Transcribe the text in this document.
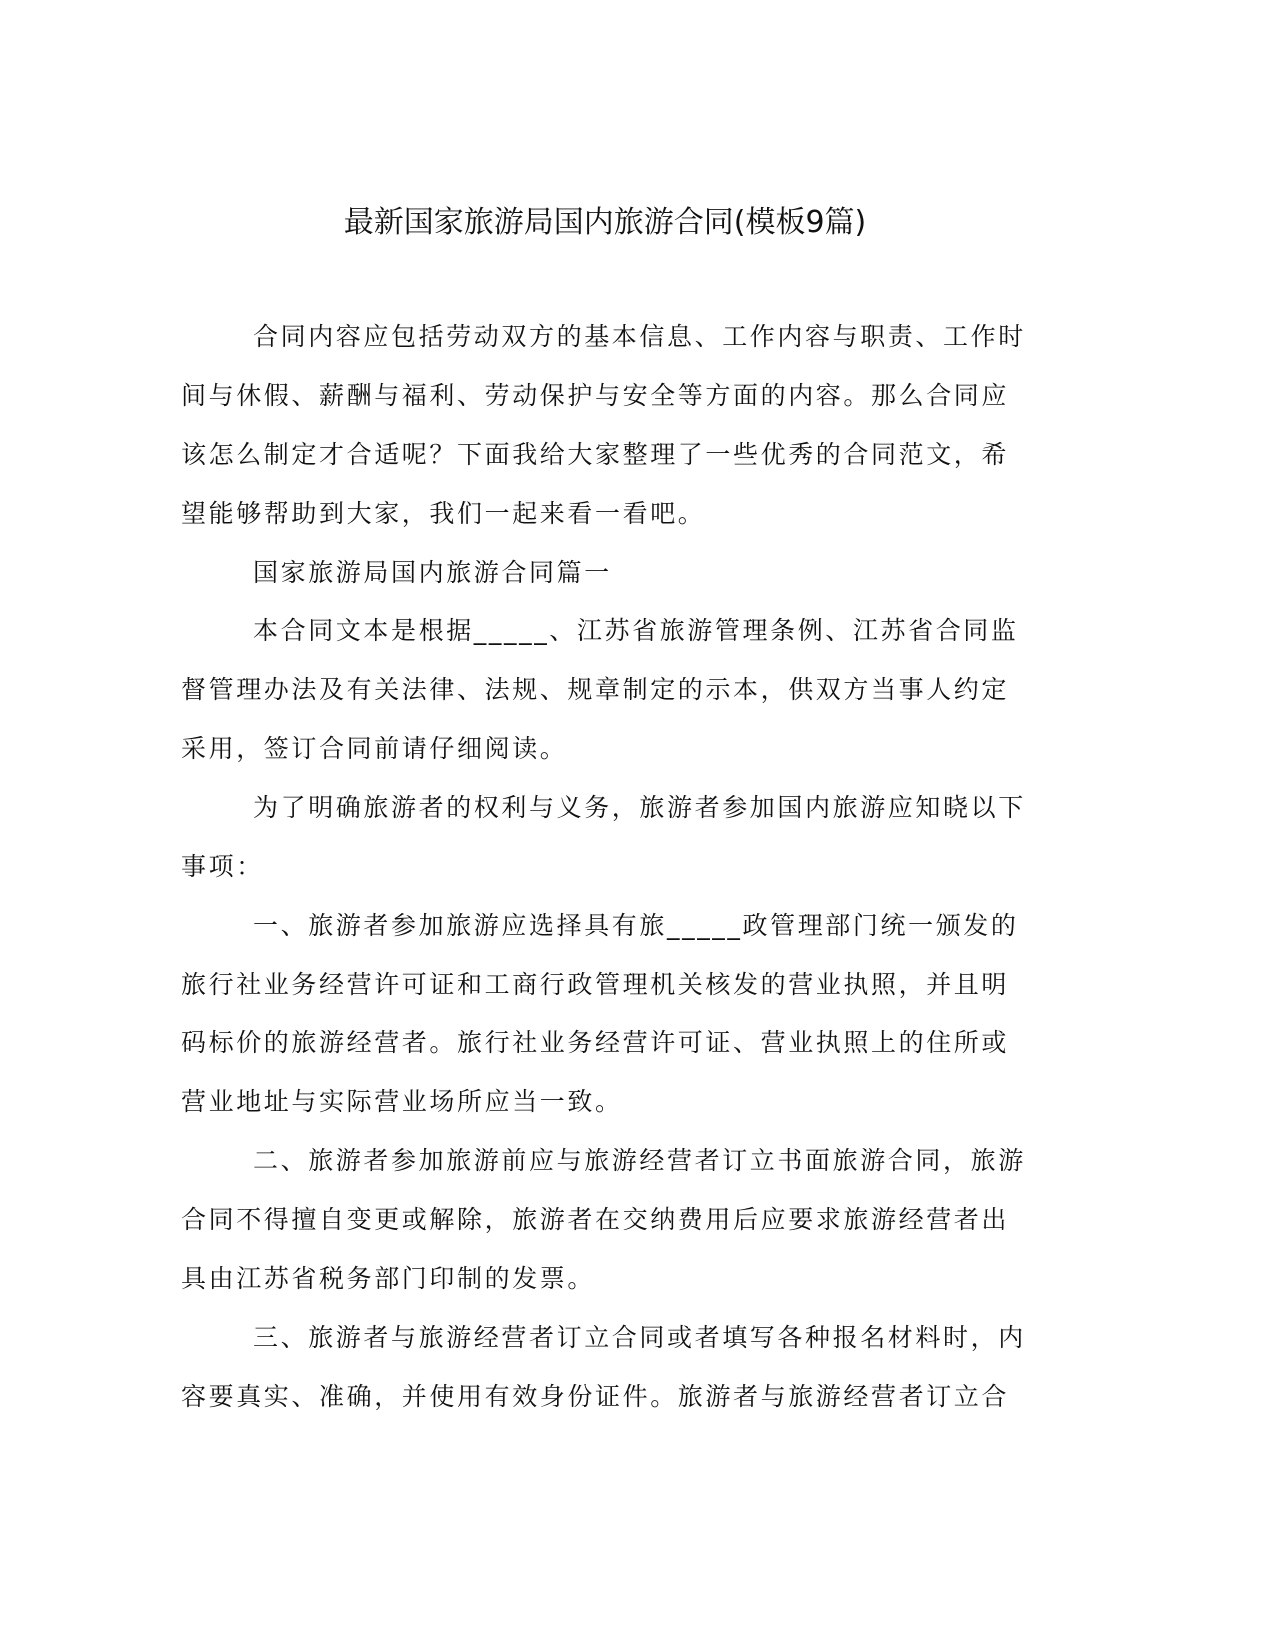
最新国家旅游局国内旅游合同(模板9篇)
合同内容应包括劳动双方的基本信息、工作内容与职责、工作时
间与休假、薪酬与福利、劳动保护与安全等方面的内容。那么合同应
该怎么制定才合适呢？下面我给大家整理了一些优秀的合同范文，希
望能够帮助到大家，我们一起来看一看吧。
国家旅游局国内旅游合同篇一
本合同文本是根据_____、江苏省旅游管理条例、江苏省合同监
督管理办法及有关法律、法规、规章制定的示本，供双方当事人约定
采用，签订合同前请仔细阅读。
为了明确旅游者的权利与义务，旅游者参加国内旅游应知晓以下
事项：
一、旅游者参加旅游应选择具有旅_____政管理部门统一颁发的
旅行社业务经营许可证和工商行政管理机关核发的营业执照，并且明
码标价的旅游经营者。旅行社业务经营许可证、营业执照上的住所或
营业地址与实际营业场所应当一致。
二、旅游者参加旅游前应与旅游经营者订立书面旅游合同，旅游
合同不得擅自变更或解除，旅游者在交纳费用后应要求旅游经营者出
具由江苏省税务部门印制的发票。
三、旅游者与旅游经营者订立合同或者填写各种报名材料时，内
容要真实、准确，并使用有效身份证件。旅游者与旅游经营者订立合
